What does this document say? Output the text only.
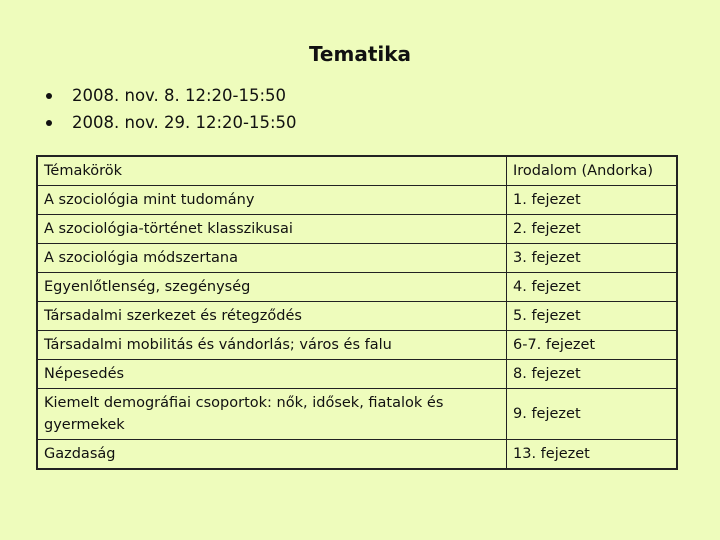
Tematika
2008. nov. 8. 12:20-15:50
2008. nov. 29. 12:20-15:50
Témakörök	Irodalom (Andorka)
A szociológia mint tudomány	1. fejezet
A szociológia-történet klasszikusai	2. fejezet
A szociológia módszertana	3. fejezet
Egyenlőtlenség, szegénység	4. fejezet
Társadalmi szerkezet és rétegződés	5. fejezet
Társadalmi mobilitás és vándorlás; város és falu	6-7. fejezet
Népesedés	8. fejezet
Kiemelt demográfiai csoportok: nők, idősek, fiatalok és gyermekek	9. fejezet
Gazdaság	13. fejezet
